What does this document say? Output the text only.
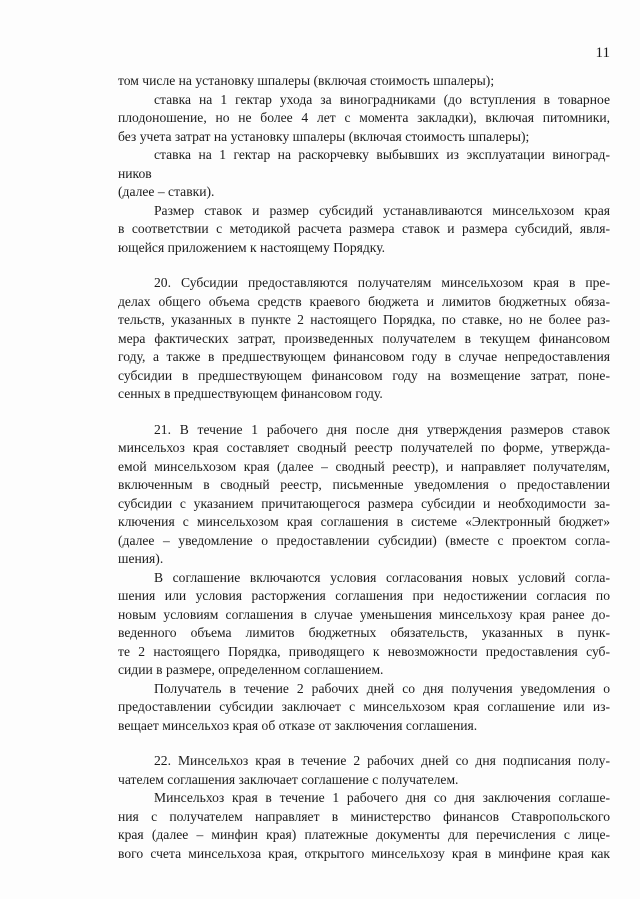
11
том числе на установку шпалеры (включая стоимость шпалеры);
ставка на 1 гектар ухода за виноградниками (до вступления в товарное
плодоношение, но не более 4 лет с момента закладки), включая питомники,
без учета затрат на установку шпалеры (включая стоимость шпалеры);
ставка на 1 гектар на раскорчевку выбывших из эксплуатации виноград-
ников
(далее – ставки).
Размер ставок и размер субсидий устанавливаются минсельхозом края
в соответствии с методикой расчета размера ставок и размера субсидий, явля-
ющейся приложением к настоящему Порядку.
20. Субсидии предоставляются получателям минсельхозом края в пре-
делах общего объема средств краевого бюджета и лимитов бюджетных обяза-
тельств, указанных в пункте 2 настоящего Порядка, по ставке, но не более раз-
мера фактических затрат, произведенных получателем в текущем финансовом
году, а также в предшествующем финансовом году в случае непредоставления
субсидии в предшествующем финансовом году на возмещение затрат, поне-
сенных в предшествующем финансовом году.
21. В течение 1 рабочего дня после дня утверждения размеров ставок
минсельхоз края составляет сводный реестр получателей по форме, утвержда-
емой минсельхозом края (далее – сводный реестр), и направляет получателям,
включенным в сводный реестр, письменные уведомления о предоставлении
субсидии с указанием причитающегося размера субсидии и необходимости за-
ключения с минсельхозом края соглашения в системе «Электронный бюджет»
(далее – уведомление о предоставлении субсидии) (вместе с проектом согла-
шения).
В соглашение включаются условия согласования новых условий согла-
шения или условия расторжения соглашения при недостижении согласия по
новым условиям соглашения в случае уменьшения минсельхозу края ранее до-
веденного объема лимитов бюджетных обязательств, указанных в пунк-
те 2 настоящего Порядка, приводящего к невозможности предоставления суб-
сидии в размере, определенном соглашением.
Получатель в течение 2 рабочих дней со дня получения уведомления о
предоставлении субсидии заключает с минсельхозом края соглашение или из-
вещает минсельхоз края об отказе от заключения соглашения.
22. Минсельхоз края в течение 2 рабочих дней со дня подписания полу-
чателем соглашения заключает соглашение с получателем.
Минсельхоз края в течение 1 рабочего дня со дня заключения соглаше-
ния с получателем направляет в министерство финансов Ставропольского
края (далее – минфин края) платежные документы для перечисления с лице-
вого счета минсельхоза края, открытого минсельхозу края в минфине края как
